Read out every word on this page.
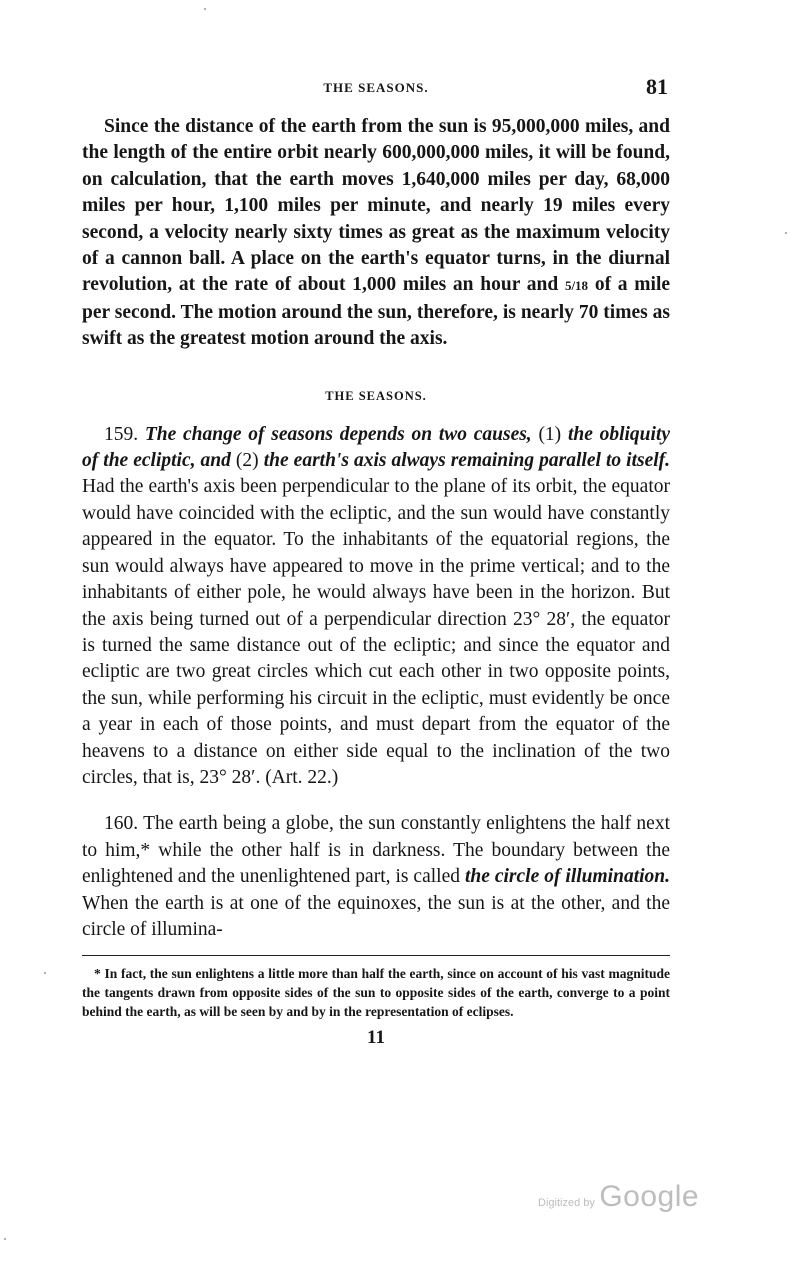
THE SEASONS.	81

Since the distance of the earth from the sun is 95,000,000 miles, and the length of the entire orbit nearly 600,000,000 miles, it will be found, on calculation, that the earth moves 1,640,000 miles per day, 68,000 miles per hour, 1,100 miles per minute, and nearly 19 miles every second, a velocity nearly sixty times as great as the maximum velocity of a cannon ball. A place on the earth's equator turns, in the diurnal revolution, at the rate of about 1,000 miles an hour and 5/18 of a mile per second. The motion around the sun, therefore, is nearly 70 times as swift as the greatest motion around the axis.

THE SEASONS.

159. The change of seasons depends on two causes, (1) the obliquity of the ecliptic, and (2) the earth's axis always remaining parallel to itself. Had the earth's axis been perpendicular to the plane of its orbit, the equator would have coincided with the ecliptic, and the sun would have constantly appeared in the equator. To the inhabitants of the equatorial regions, the sun would always have appeared to move in the prime vertical; and to the inhabitants of either pole, he would always have been in the horizon. But the axis being turned out of a perpendicular direction 23° 28′, the equator is turned the same distance out of the ecliptic; and since the equator and ecliptic are two great circles which cut each other in two opposite points, the sun, while performing his circuit in the ecliptic, must evidently be once a year in each of those points, and must depart from the equator of the heavens to a distance on either side equal to the inclination of the two circles, that is, 23° 28′. (Art. 22.)

160. The earth being a globe, the sun constantly enlightens the half next to him,* while the other half is in darkness. The boundary between the enlightened and the unenlightened part, is called the circle of illumination. When the earth is at one of the equinoxes, the sun is at the other, and the circle of illumina-

* In fact, the sun enlightens a little more than half the earth, since on account of his vast magnitude the tangents drawn from opposite sides of the sun to opposite sides of the earth, converge to a point behind the earth, as will be seen by and by in the representation of eclipses.

11
Digitized by Google
